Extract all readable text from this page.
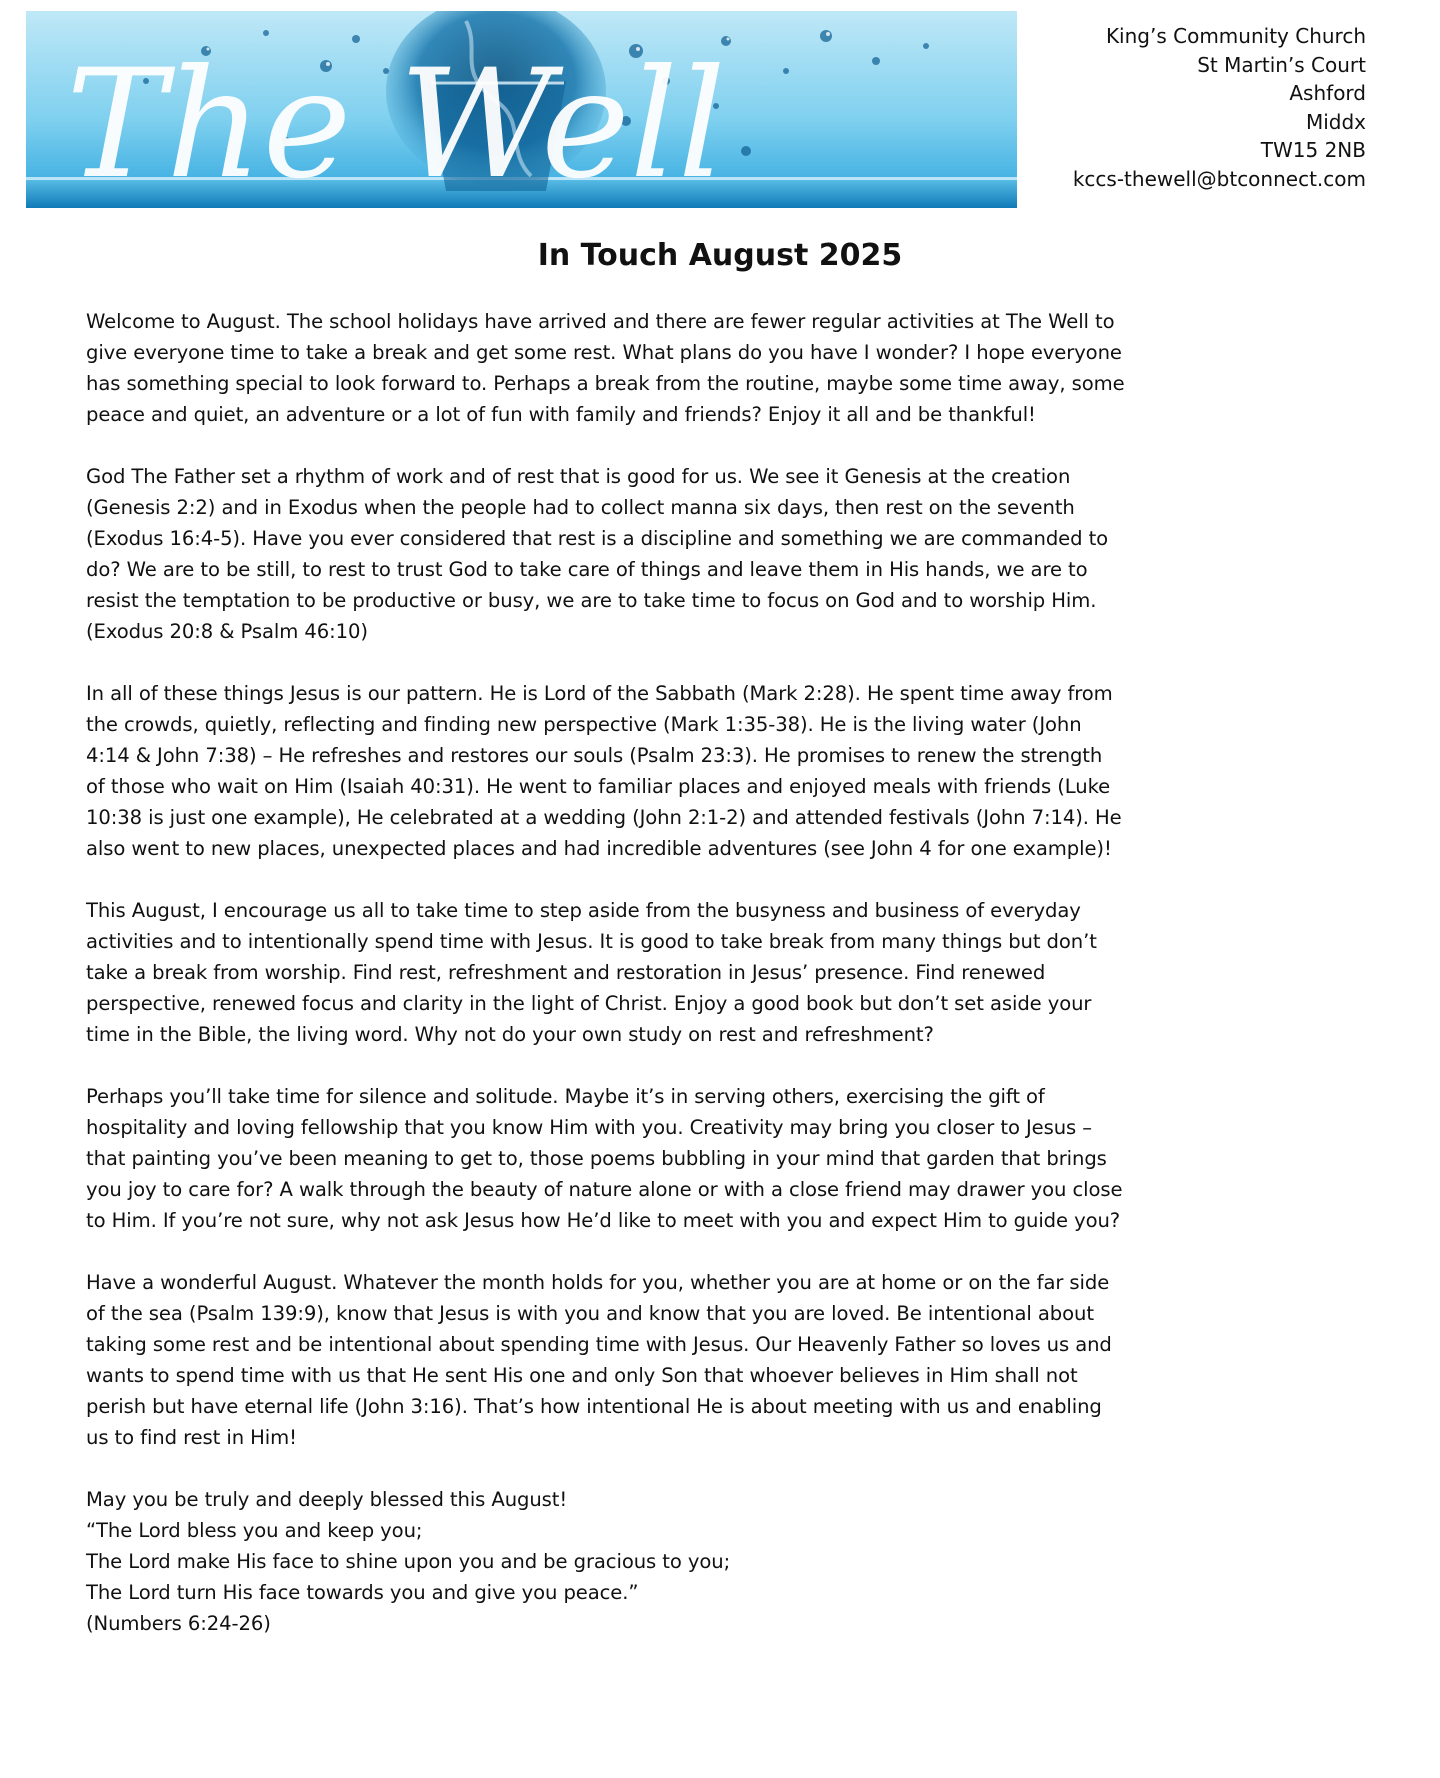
The Well
King’s Community Church
St Martin’s Court
Ashford
Middx
TW15 2NB
kccs-thewell@btconnect.com
In Touch August 2025

Welcome to August. The school holidays have arrived and there are fewer regular activities at The Well to
give everyone time to take a break and get some rest. What plans do you have I wonder? I hope everyone
has something special to look forward to. Perhaps a break from the routine, maybe some time away, some
peace and quiet, an adventure or a lot of fun with family and friends? Enjoy it all and be thankful!

God The Father set a rhythm of work and of rest that is good for us. We see it Genesis at the creation
(Genesis 2:2) and in Exodus when the people had to collect manna six days, then rest on the seventh
(Exodus 16:4-5). Have you ever considered that rest is a discipline and something we are commanded to
do? We are to be still, to rest to trust God to take care of things and leave them in His hands, we are to
resist the temptation to be productive or busy, we are to take time to focus on God and to worship Him.
(Exodus 20:8 & Psalm 46:10)

In all of these things Jesus is our pattern. He is Lord of the Sabbath (Mark 2:28). He spent time away from
the crowds, quietly, reflecting and finding new perspective (Mark 1:35-38). He is the living water (John
4:14 & John 7:38) – He refreshes and restores our souls (Psalm 23:3). He promises to renew the strength
of those who wait on Him (Isaiah 40:31). He went to familiar places and enjoyed meals with friends (Luke
10:38 is just one example), He celebrated at a wedding (John 2:1-2) and attended festivals (John 7:14). He
also went to new places, unexpected places and had incredible adventures (see John 4 for one example)!

This August, I encourage us all to take time to step aside from the busyness and business of everyday
activities and to intentionally spend time with Jesus. It is good to take break from many things but don’t
take a break from worship. Find rest, refreshment and restoration in Jesus’ presence. Find renewed
perspective, renewed focus and clarity in the light of Christ. Enjoy a good book but don’t set aside your
time in the Bible, the living word. Why not do your own study on rest and refreshment?

Perhaps you’ll take time for silence and solitude. Maybe it’s in serving others, exercising the gift of
hospitality and loving fellowship that you know Him with you. Creativity may bring you closer to Jesus –
that painting you’ve been meaning to get to, those poems bubbling in your mind that garden that brings
you joy to care for? A walk through the beauty of nature alone or with a close friend may drawer you close
to Him. If you’re not sure, why not ask Jesus how He’d like to meet with you and expect Him to guide you?

Have a wonderful August. Whatever the month holds for you, whether you are at home or on the far side
of the sea (Psalm 139:9), know that Jesus is with you and know that you are loved. Be intentional about
taking some rest and be intentional about spending time with Jesus. Our Heavenly Father so loves us and
wants to spend time with us that He sent His one and only Son that whoever believes in Him shall not
perish but have eternal life (John 3:16). That’s how intentional He is about meeting with us and enabling
us to find rest in Him!

May you be truly and deeply blessed this August!
“The Lord bless you and keep you;
The Lord make His face to shine upon you and be gracious to you;
The Lord turn His face towards you and give you peace.”
(Numbers 6:24-26)
